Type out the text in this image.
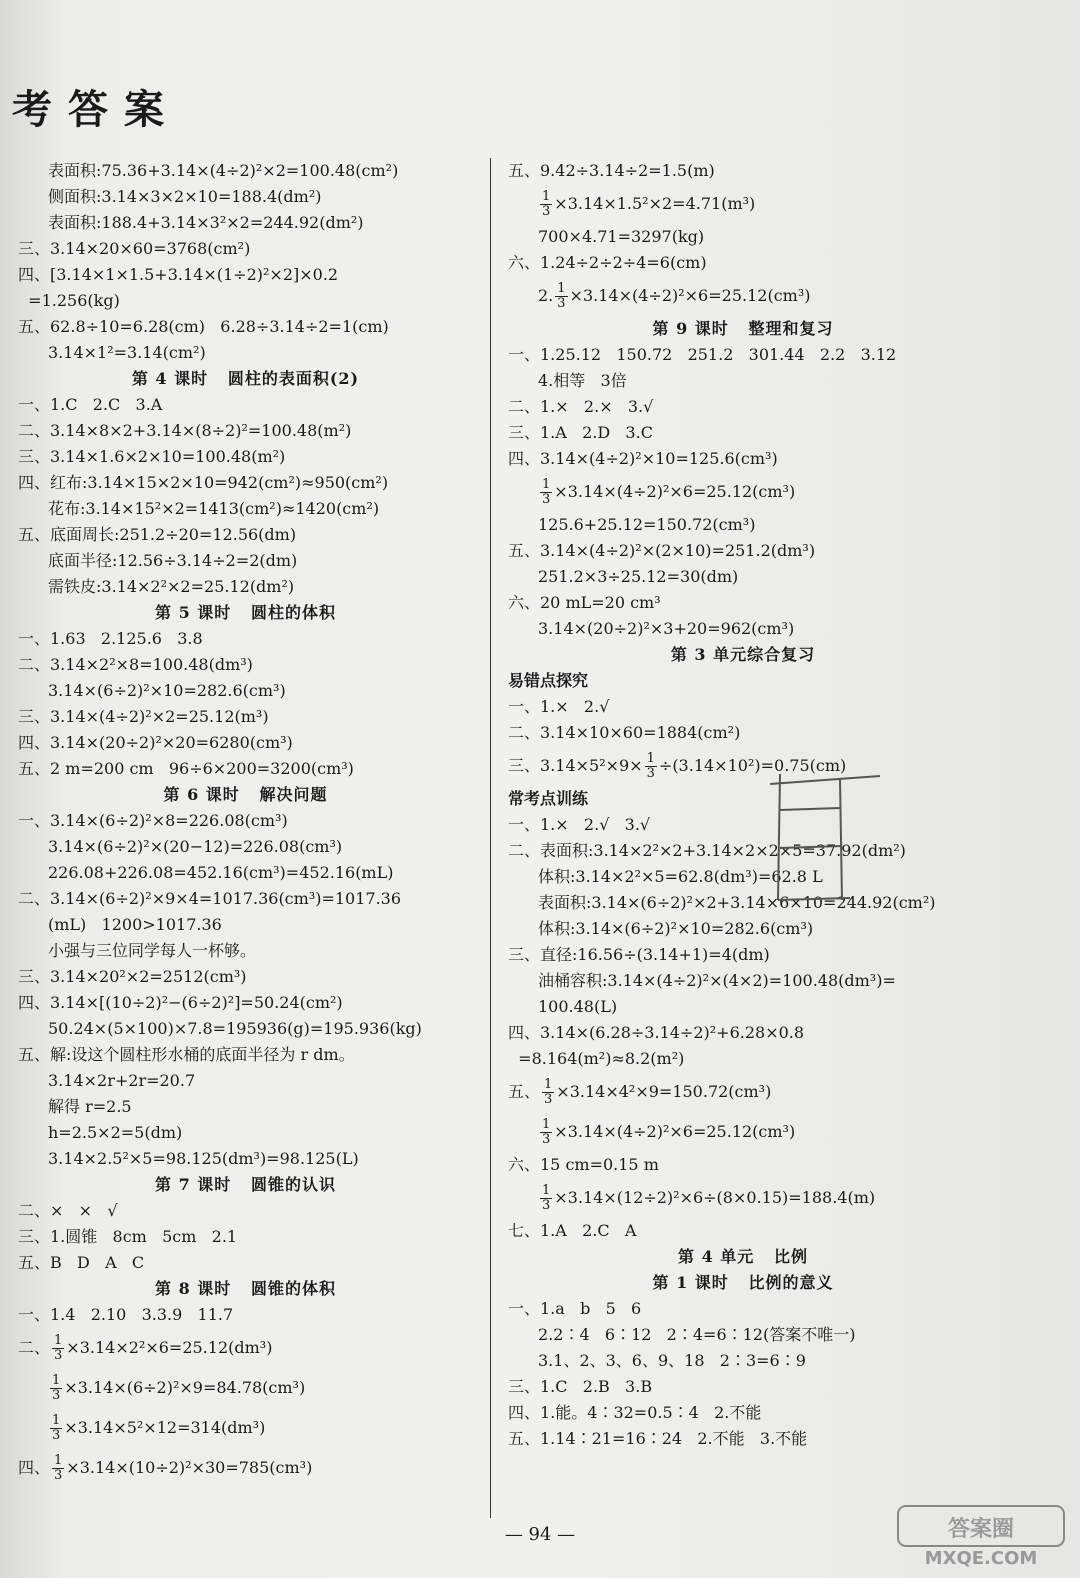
考答案
表面积:75.36+3.14×(4÷2)²×2=100.48(cm²)
侧面积:3.14×3×2×10=188.4(dm²)
表面积:188.4+3.14×3²×2=244.92(dm²)
三、3.14×20×60=3768(cm²)
四、[3.14×1×1.5+3.14×(1÷2)²×2]×0.2
=1.256(kg)
五、62.8÷10=6.28(cm)   6.28÷3.14÷2=1(cm)
3.14×1²=3.14(cm²)
第 4 课时   圆柱的表面积(2)
一、1.C   2.C   3.A
二、3.14×8×2+3.14×(8÷2)²=100.48(m²)
三、3.14×1.6×2×10=100.48(m²)
四、红布:3.14×15×2×10=942(cm²)≈950(cm²)
花布:3.14×15²×2=1413(cm²)≈1420(cm²)
五、底面周长:251.2÷20=12.56(dm)
底面半径:12.56÷3.14÷2=2(dm)
需铁皮:3.14×2²×2=25.12(dm²)
第 5 课时   圆柱的体积
一、1.63   2.125.6   3.8
二、3.14×2²×8=100.48(dm³)
3.14×(6÷2)²×10=282.6(cm³)
三、3.14×(4÷2)²×2=25.12(m³)
四、3.14×(20÷2)²×20=6280(cm³)
五、2 m=200 cm   96÷6×200=3200(cm³)
第 6 课时   解决问题
一、3.14×(6÷2)²×8=226.08(cm³)
3.14×(6÷2)²×(20−12)=226.08(cm³)
226.08+226.08=452.16(cm³)=452.16(mL)
二、3.14×(6÷2)²×9×4=1017.36(cm³)=1017.36
(mL)   1200>1017.36
小强与三位同学每人一杯够。
三、3.14×20²×2=2512(cm³)
四、3.14×[(10÷2)²−(6÷2)²]=50.24(cm²)
50.24×(5×100)×7.8=195936(g)=195.936(kg)
五、解:设这个圆柱形水桶的底面半径为 r dm。
3.14×2r+2r=20.7
解得 r=2.5
h=2.5×2=5(dm)
3.14×2.5²×5=98.125(dm³)=98.125(L)
第 7 课时   圆锥的认识
二、×   ×   √
三、1.圆锥   8cm   5cm   2.1
五、B   D   A   C
第 8 课时   圆锥的体积
一、1.4   2.10   3.3.9   11.7
二、 $\frac{1}{3} \times 3.14\times 2^2\times 6=25.12(dm^3)$
$\frac{1}{3} \times 3.14\times(6\div 2)^2\times 9=84.78(cm^3)$
$\frac{1}{3} \times 3.14\times 5^2\times 12=314(dm^3)$
四、 $\frac{1}{3} \times 3.14\times(10\div 2)^2\times 30=785(cm^3)$
五、9.42÷3.14÷2=1.5(m)
$\frac{1}{3} \times 3.14\times 1.5^2\times 2=4.71(m^3)$
700×4.71=3297(kg)
六、1.24÷2÷2÷4=6(cm)
2. $\frac{1}{3} \times 3.14\times(4\div 2)^2\times 6=25.12(cm^3)$
第 9 课时   整理和复习
一、1.25.12   150.72   251.2   301.44   2.2   3.12
4.相等   3倍
二、1.×   2.×   3.√
三、1.A   2.D   3.C
四、3.14×(4÷2)²×10=125.6(cm³)
$\frac{1}{3} \times 3.14\times(4\div 2)^2\times 6=25.12(cm^3)$
125.6+25.12=150.72(cm³)
五、3.14×(4÷2)²×(2×10)=251.2(dm³)
251.2×3÷25.12=30(dm)
六、20 mL=20 cm³
3.14×(20÷2)²×3+20=962(cm³)
第 3 单元综合复习
易错点探究
一、1.×   2.√
二、3.14×10×60=1884(cm²)
三、$3.14\times 5^2\times 9\times \frac{1}{3} \div(3.14\times 10^2)=0.75(cm)$
常考点训练
一、1.×   2.√   3.√
二、表面积:3.14×2²×2+3.14×2×2×5=37.92(dm²)
体积:3.14×2²×5=62.8(dm³)=62.8 L
表面积:3.14×(6÷2)²×2+3.14×6×10=244.92(cm²)
体积:3.14×(6÷2)²×10=282.6(cm³)
三、直径:16.56÷(3.14+1)=4(dm)
油桶容积:3.14×(4÷2)²×(4×2)=100.48(dm³)=
100.48(L)
四、3.14×(6.28÷3.14÷2)²+6.28×0.8
=8.164(m²)≈8.2(m²)
五、 $\frac{1}{3} \times 3.14\times 4^2\times 9=150.72(cm^3)$
$\frac{1}{3} \times 3.14\times(4\div 2)^2\times 6=25.12(cm^3)$
六、15 cm=0.15 m
$\frac{1}{3} \times 3.14\times(12\div 2)^2\times 6\div(8\times 0.15)=188.4(m)$
七、1.A   2.C   A
第 4 单元   比例
第 1 课时   比例的意义
一、1.a   b   5   6
2.2∶4   6∶12   2∶4=6∶12(答案不唯一)
3.1、2、3、6、9、18   2∶3=6∶9
三、1.C   2.B   3.B
四、1.能。4∶32=0.5∶4   2.不能
五、1.14∶21=16∶24   2.不能   3.不能
— 94 —	答案圈
MXQE.COM
